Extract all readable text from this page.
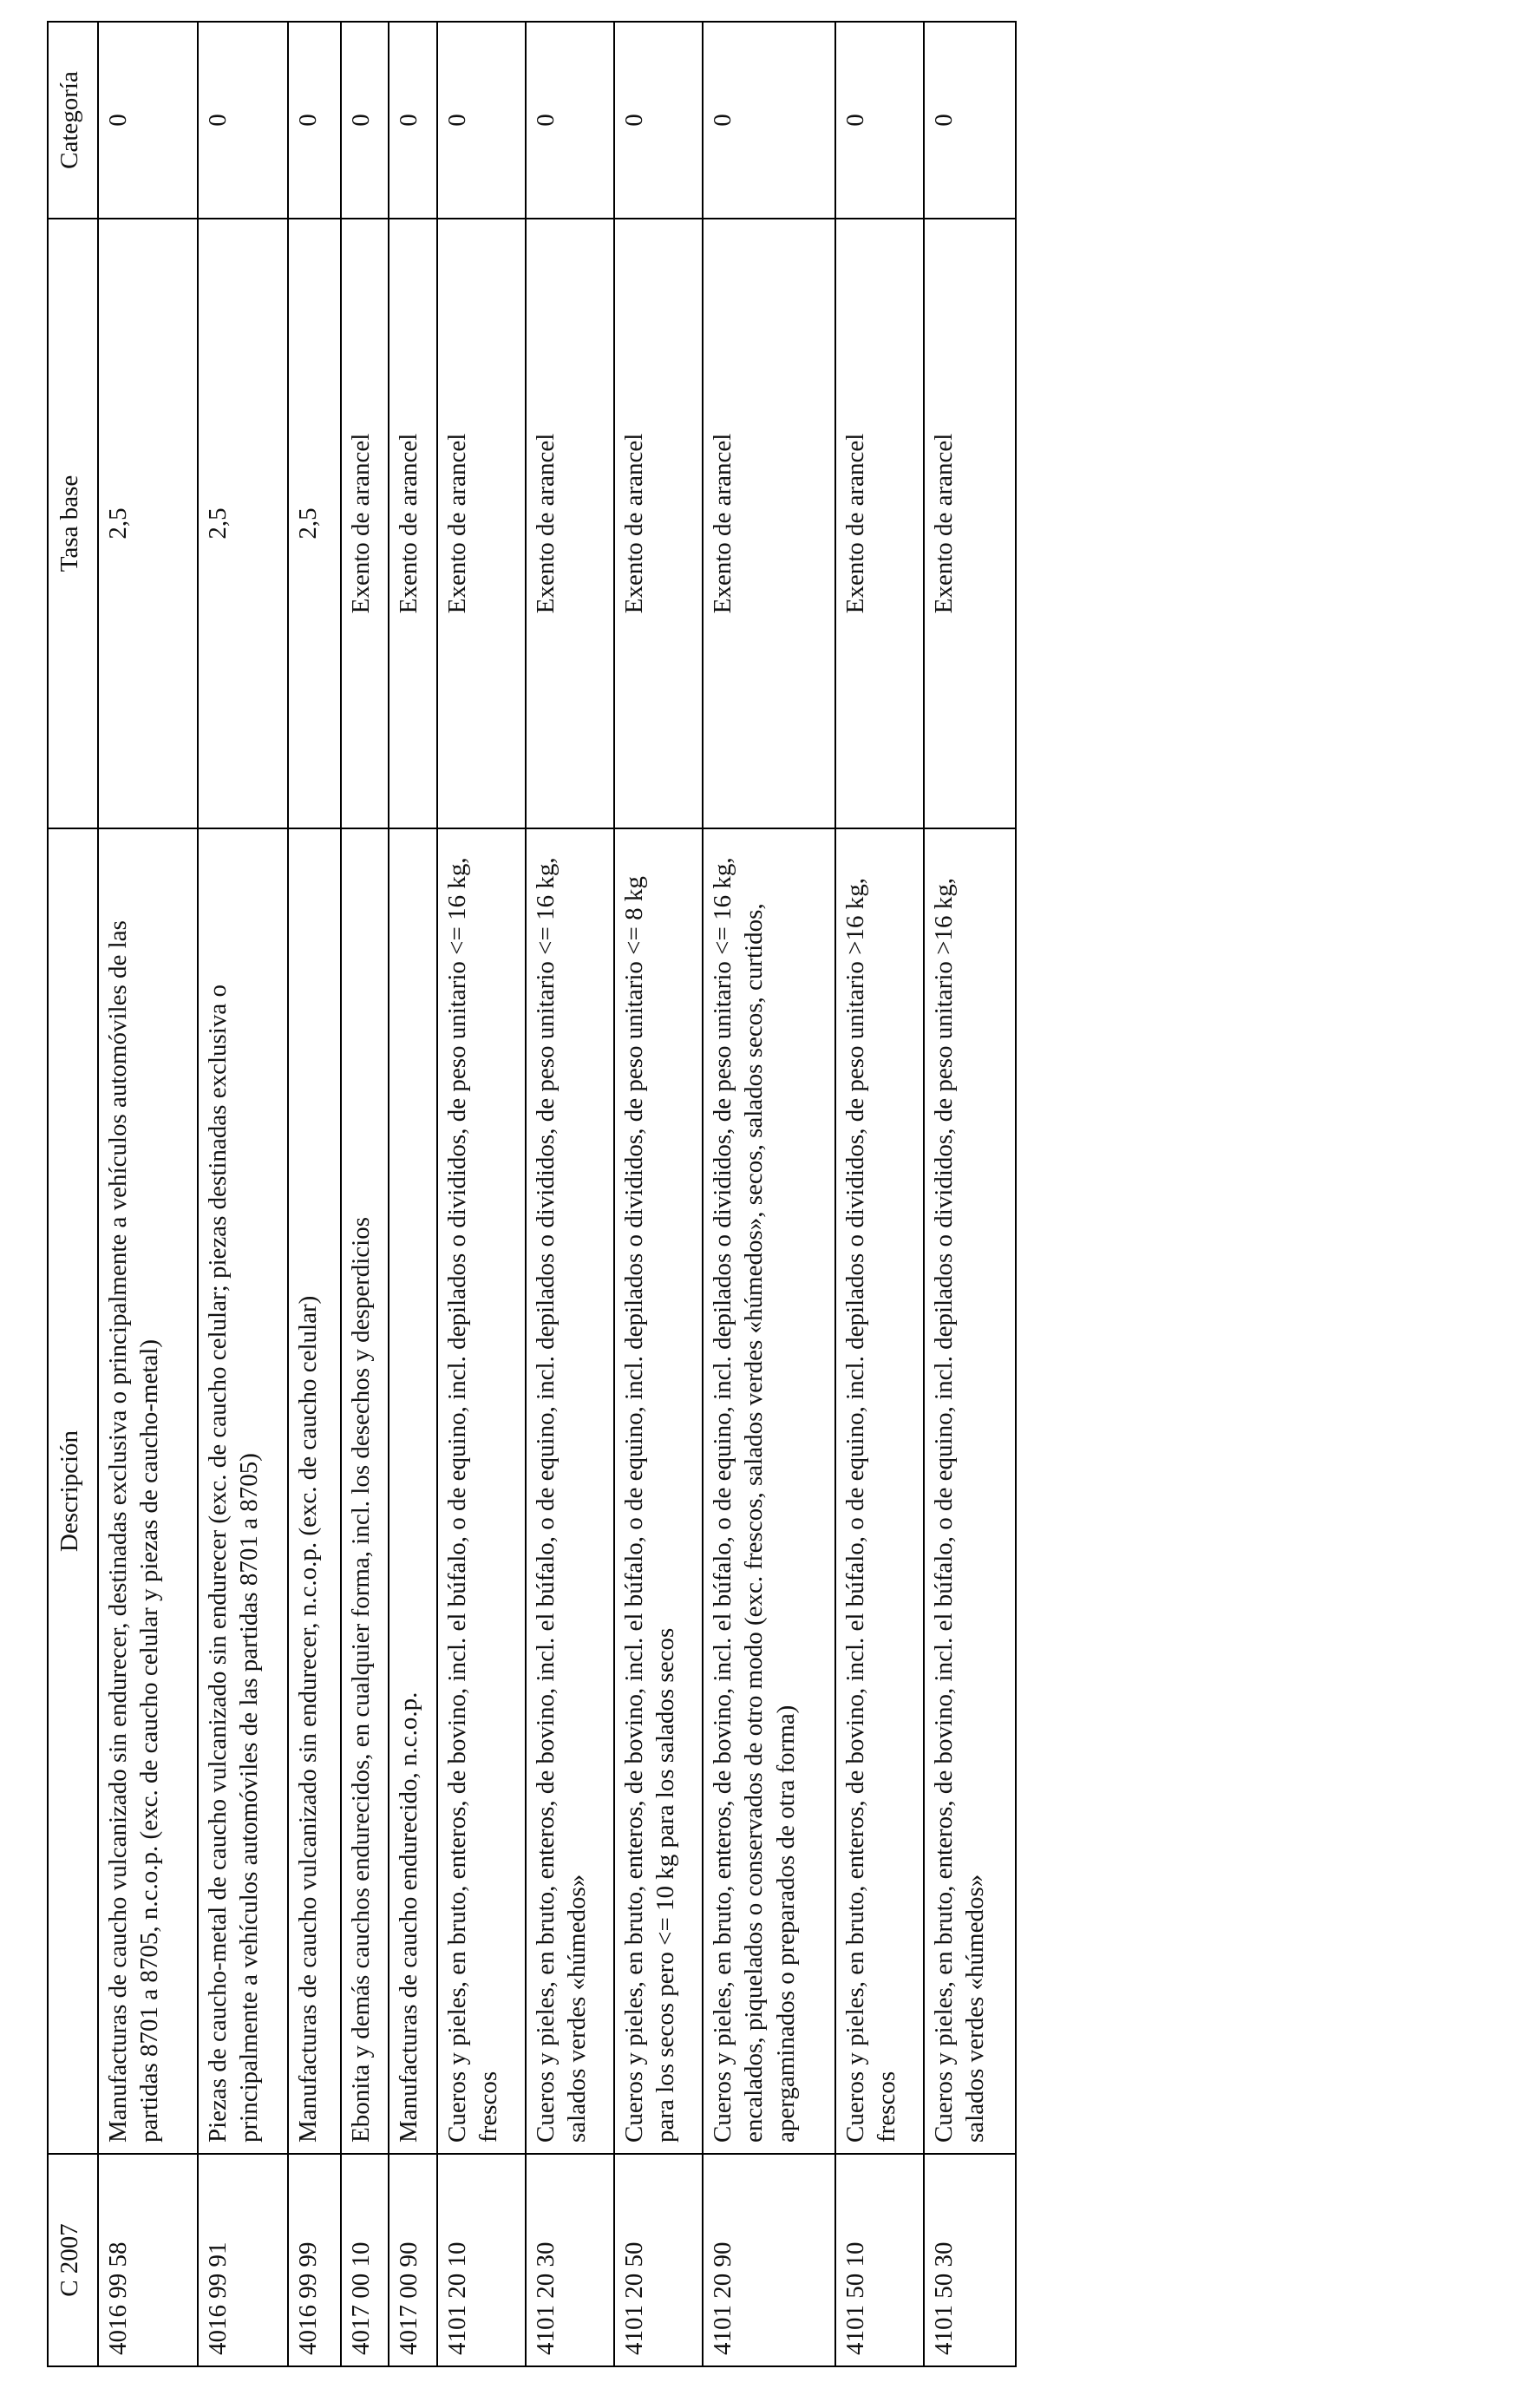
C 2007	Descripción	Tasa base	Categoría
4016 99 58	Manufacturas de caucho vulcanizado sin endurecer, destinadas exclusiva o principalmente a vehículos automóviles de las partidas 8701 a 8705, n.c.o.p. (exc. de caucho celular y piezas de caucho-metal)	2,5	0
4016 99 91	Piezas de caucho-metal de caucho vulcanizado sin endurecer (exc. de caucho celular; piezas destinadas exclusiva o principalmente a vehículos automóviles de las partidas 8701 a 8705)	2,5	0
4016 99 99	Manufacturas de caucho vulcanizado sin endurecer, n.c.o.p. (exc. de caucho celular)	2,5	0
4017 00 10	Ebonita y demás cauchos endurecidos, en cualquier forma, incl. los desechos y desperdicios	Exento de arancel	0
4017 00 90	Manufacturas de caucho endurecido, n.c.o.p.	Exento de arancel	0
4101 20 10	Cueros y pieles, en bruto, enteros, de bovino, incl. el búfalo, o de equino, incl. depilados o divididos, de peso unitario <= 16 kg, frescos	Exento de arancel	0
4101 20 30	Cueros y pieles, en bruto, enteros, de bovino, incl. el búfalo, o de equino, incl. depilados o divididos, de peso unitario <= 16 kg, salados verdes «húmedos»	Exento de arancel	0
4101 20 50	Cueros y pieles, en bruto, enteros, de bovino, incl. el búfalo, o de equino, incl. depilados o divididos, de peso unitario <= 8 kg para los secos pero <= 10 kg para los salados secos	Exento de arancel	0
4101 20 90	Cueros y pieles, en bruto, enteros, de bovino, incl. el búfalo, o de equino, incl. depilados o divididos, de peso unitario <= 16 kg, encalados, piquelados o conservados de otro modo (exc. frescos, salados verdes «húmedos», secos, salados secos, curtidos, apergaminados o preparados de otra forma)	Exento de arancel	0
4101 50 10	Cueros y pieles, en bruto, enteros, de bovino, incl. el búfalo, o de equino, incl. depilados o divididos, de peso unitario >16 kg, frescos	Exento de arancel	0
4101 50 30	Cueros y pieles, en bruto, enteros, de bovino, incl. el búfalo, o de equino, incl. depilados o divididos, de peso unitario >16 kg, salados verdes «húmedos»	Exento de arancel	0
